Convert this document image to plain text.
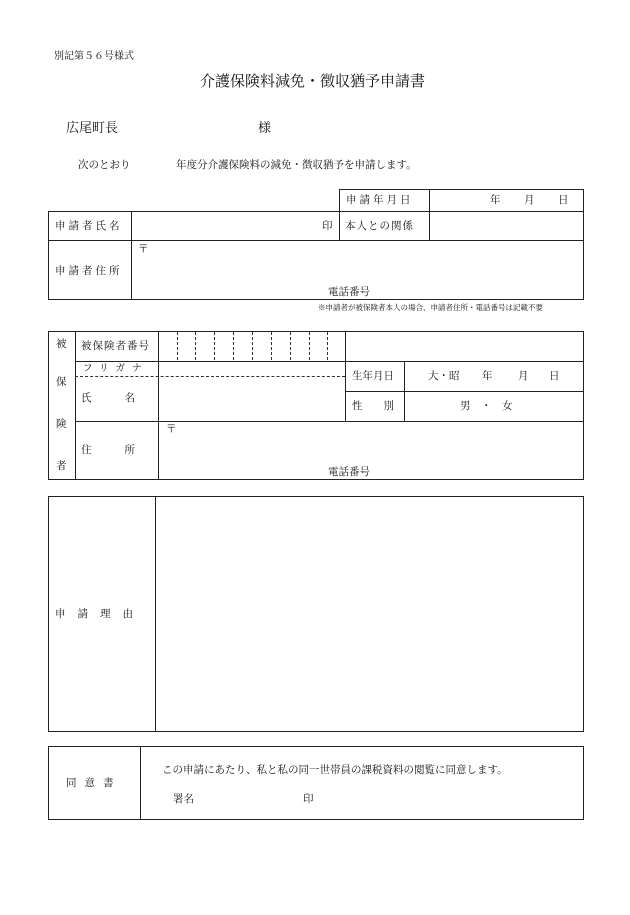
別記第５６号様式
介護保険料減免・徴収猶予申請書
広尾町長	様
次のとおり	年度分介護保険料の減免・徴収猶予を申請します。
申請年月日	年 月 日
申請者氏名	印 本人との関係
申請者住所
〒
電話番号
※申請者が被保険者本人の場合、申請者住所・電話番号は記載不要
被
保
険
者
被保険者番号
フリガナ
氏　　名
生年月日	大・昭 年 月 日
性　　別	男　・　女
住　　所
〒
電話番号
申請理由
同意書
この申請にあたり、私と私の同一世帯員の課税資料の閲覧に同意します。
署名	印
